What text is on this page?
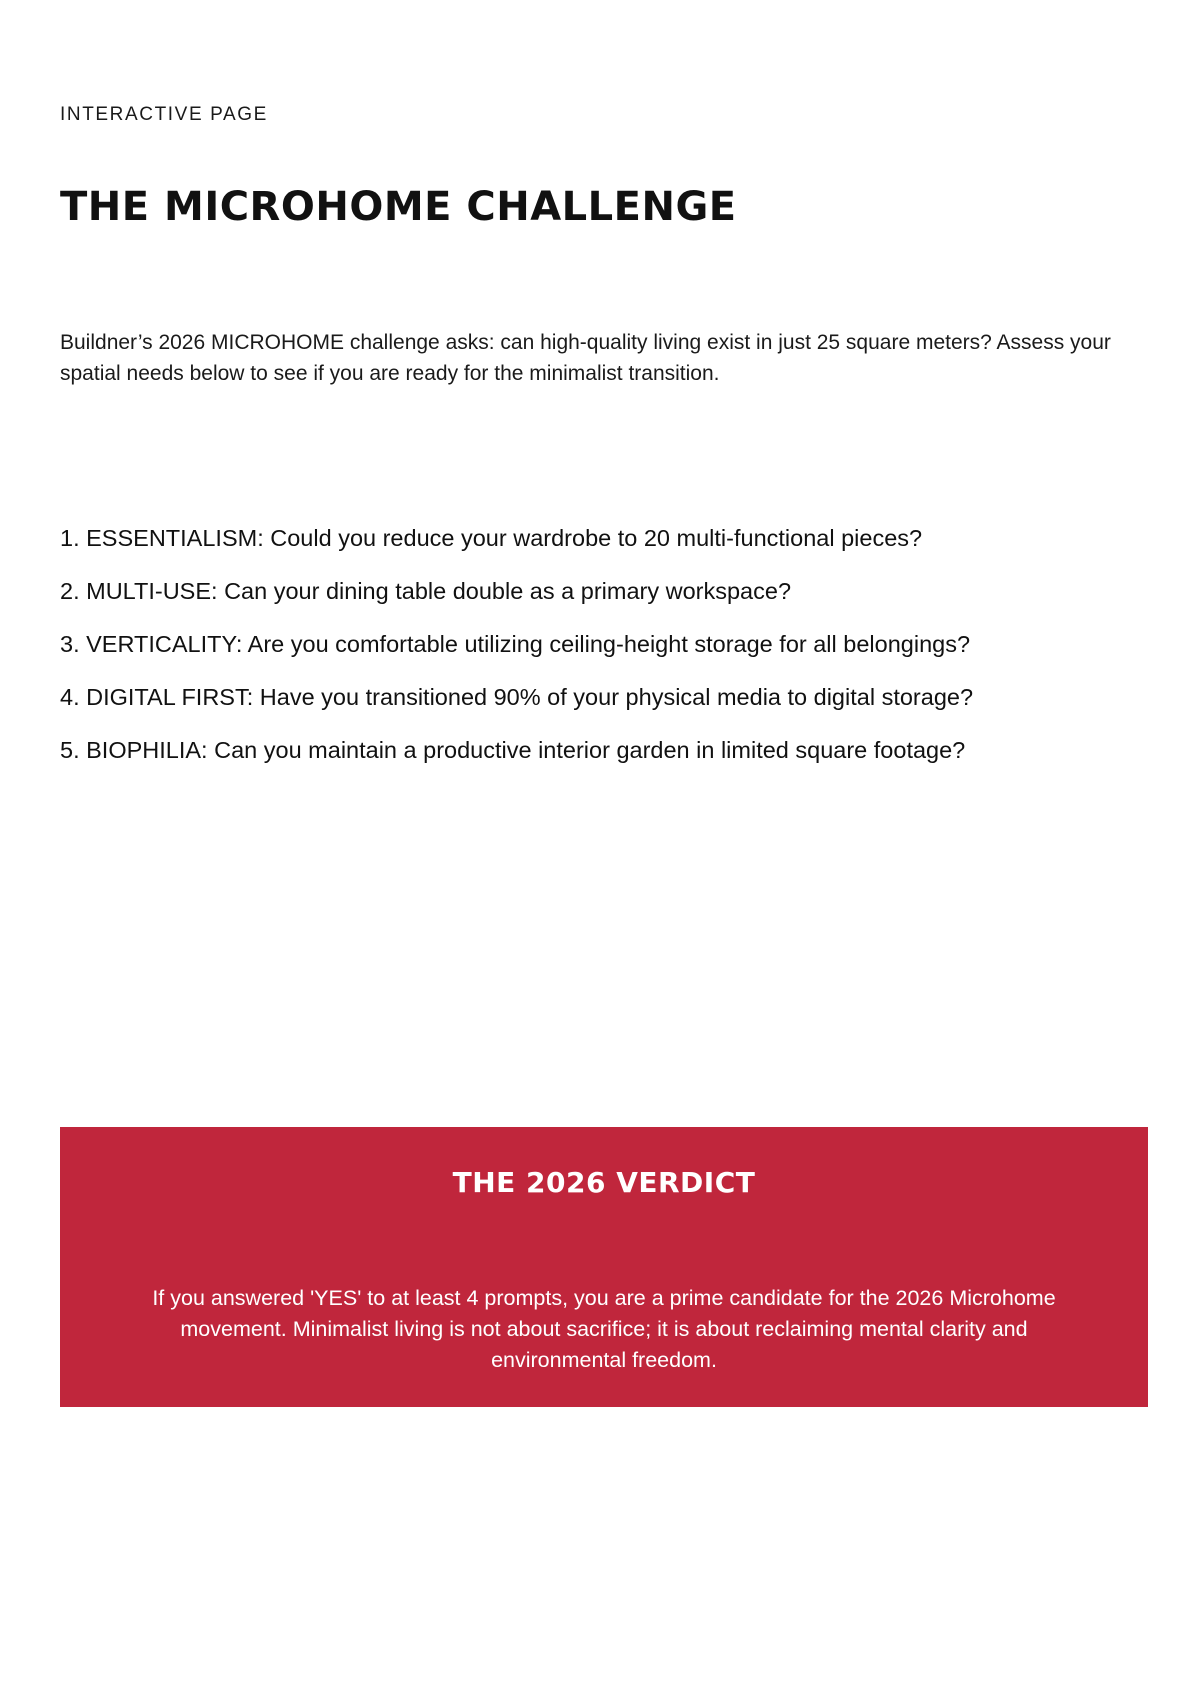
INTERACTIVE PAGE
THE MICROHOME CHALLENGE

Buildner’s 2026 MICROHOME challenge asks: can high-quality living exist in just 25 square meters? Assess your spatial needs below to see if you are ready for the minimalist transition.

1. ESSENTIALISM: Could you reduce your wardrobe to 20 multi-functional pieces?
2. MULTI-USE: Can your dining table double as a primary workspace?
3. VERTICALITY: Are you comfortable utilizing ceiling-height storage for all belongings?
4. DIGITAL FIRST: Have you transitioned 90% of your physical media to digital storage?
5. BIOPHILIA: Can you maintain a productive interior garden in limited square footage?
THE 2026 VERDICT

If you answered 'YES' to at least 4 prompts, you are a prime candidate for the 2026 Microhome movement. Minimalist living is not about sacrifice; it is about reclaiming mental clarity and environmental freedom.
